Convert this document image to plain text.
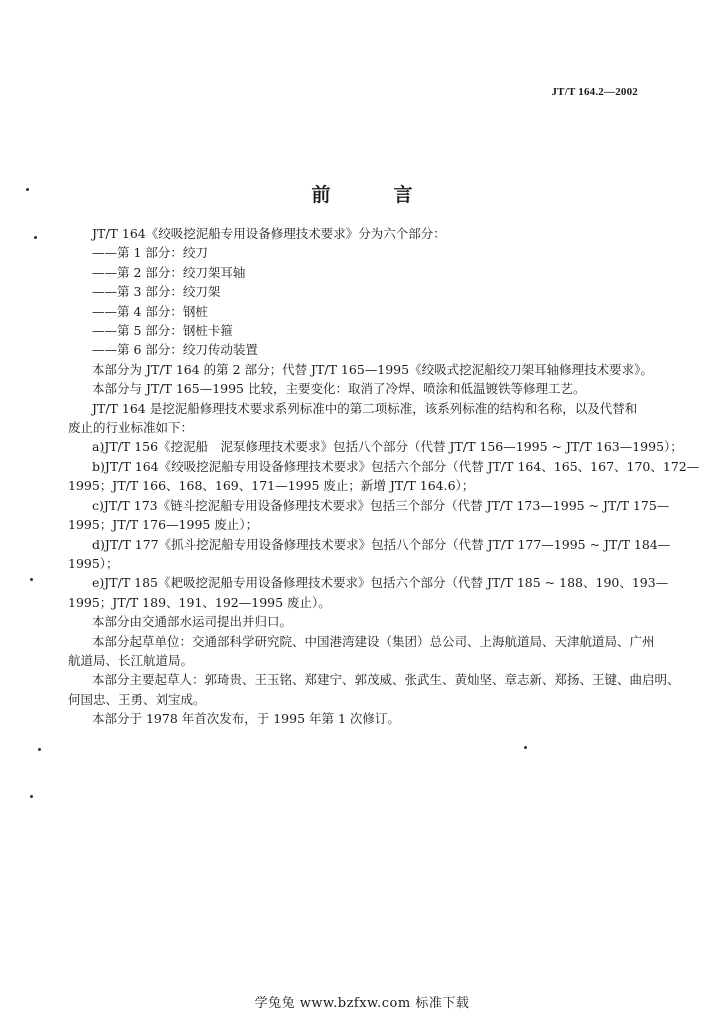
JT/T 164.2—2002
前　言

JT/T 164《绞吸挖泥船专用设备修理技术要求》分为六个部分：

——第 1 部分：绞刀

——第 2 部分：绞刀架耳轴

——第 3 部分：绞刀架

——第 4 部分：钢桩

——第 5 部分：钢桩卡箍

——第 6 部分：绞刀传动装置

本部分为 JT/T 164 的第 2 部分；代替 JT/T 165—1995《绞吸式挖泥船绞刀架耳轴修理技术要求》。

本部分与 JT/T 165—1995 比较，主要变化：取消了冷焊、喷涂和低温镀铁等修理工艺。

JT/T 164 是挖泥船修理技术要求系列标准中的第二项标准，该系列标准的结构和名称，以及代替和

废止的行业标准如下：

a)JT/T 156《挖泥船　泥泵修理技术要求》包括八个部分（代替 JT/T 156—1995 ~ JT/T 163—1995）；

b)JT/T 164《绞吸挖泥船专用设备修理技术要求》包括六个部分（代替 JT/T 164、165、167、170、172—

1995；JT/T 166、168、169、171—1995 废止；新增 JT/T 164.6）；

c)JT/T 173《链斗挖泥船专用设备修理技术要求》包括三个部分（代替 JT/T 173—1995 ~ JT/T 175—

1995；JT/T 176—1995 废止）；

d)JT/T 177《抓斗挖泥船专用设备修理技术要求》包括八个部分（代替 JT/T 177—1995 ~ JT/T 184—

1995）；

e)JT/T 185《耙吸挖泥船专用设备修理技术要求》包括六个部分（代替 JT/T 185 ~ 188、190、193—

1995；JT/T 189、191、192—1995 废止）。

本部分由交通部水运司提出并归口。

本部分起草单位：交通部科学研究院、中国港湾建设（集团）总公司、上海航道局、天津航道局、广州

航道局、长江航道局。

本部分主要起草人：郭琦贵、王玉铭、郑建宁、郭茂威、张武生、黄灿坚、章志新、郑扬、王键、曲启明、

何国忠、王勇、刘宝成。

本部分于 1978 年首次发布，于 1995 年第 1 次修订。

学兔兔 www.bzfxw.com 标准下载
